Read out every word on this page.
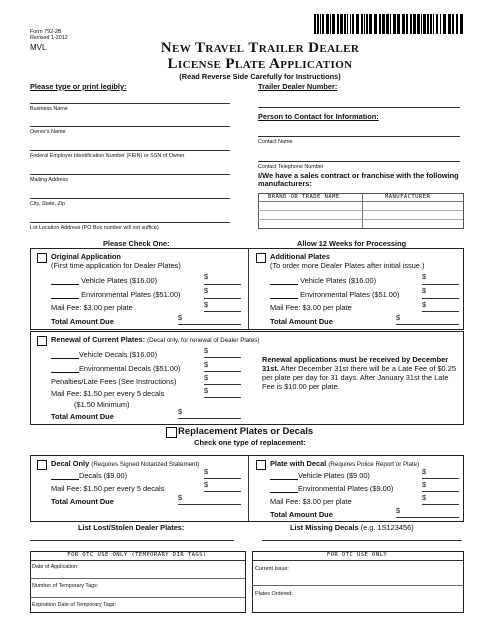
Form 792-2B
Revised 1-2012
MVL	New Travel Trailer Dealer
License Plate Application
(Read Reverse Side Carefully for Instructions)
Please type or print legibly:
Business Name
Owner's Name
Federal Employer Identification Number (FEIN) or SSN of Owner
Mailing Address
City, State, Zip
Lot Location Address (PO Box number will not suffice)
Trailer Dealer Number:
Person to Contact for Information:
Contact Name
Contact Telephone Number
I/We have a sales contract or franchise with the following manufacturers:
BRAND OR TRADE NAME	MANUFACTURER
Please Check One:	Allow 12 Weeks for Processing
Original Application
(First time application for Dealer Plates)
Vehicle Plates ($16.00)	$
Environmental Plates ($51.00)	$
Mail Fee: $3.00 per plate	$
Total Amount Due	$
Additional Plates
(To order more Dealer Plates after initial issue.)
Vehicle Plates ($16.00)	$
Environmental Plates ($51.00)	$
Mail Fee: $3.00 per plate	$
Total Amount Due	$
Renewal of Current Plates: (Decal only, for renewal of Dealer Plates)
Vehicle Decals ($16.00)	$
Environmental Decals ($51.00)	$
Penalties/Late Fees (See Instructions)	$
Mail Fee: $1.50 per every 5 decals	$
($1.50 Minimum)
Total Amount Due
$
Renewal applications must be received by December 31st. After December 31st there will be a Late Fee of $0.25 per plate per day for 31 days. After January 31st the Late Fee is $10.00 per plate.
Replacement Plates or Decals
Check one type of replacement:
Decal Only (Requires Signed Notarized Statement)
Decals ($9.00)	$
Mail Fee: $1.50 per every 5 decals	$
Total Amount Due	$
Plate with Decal (Requires Police Report or Plate)
Vehicle Plates ($9.00)	$
Environmental Plates ($9.00)	$
Mail Fee: $3.00 per plate	$
Total Amount Due	$
List Lost/Stolen Dealer Plates:	List Missing Decals (e.g. 1S123456)
FOR OTC USE ONLY (TEMPORARY DIR TAGS)
Date of Application:
Number of Temporary Tags:
Expiration Date of Temporary Tags:
FOR OTC USE ONLY
Current Issue:
Plates Ordered:
